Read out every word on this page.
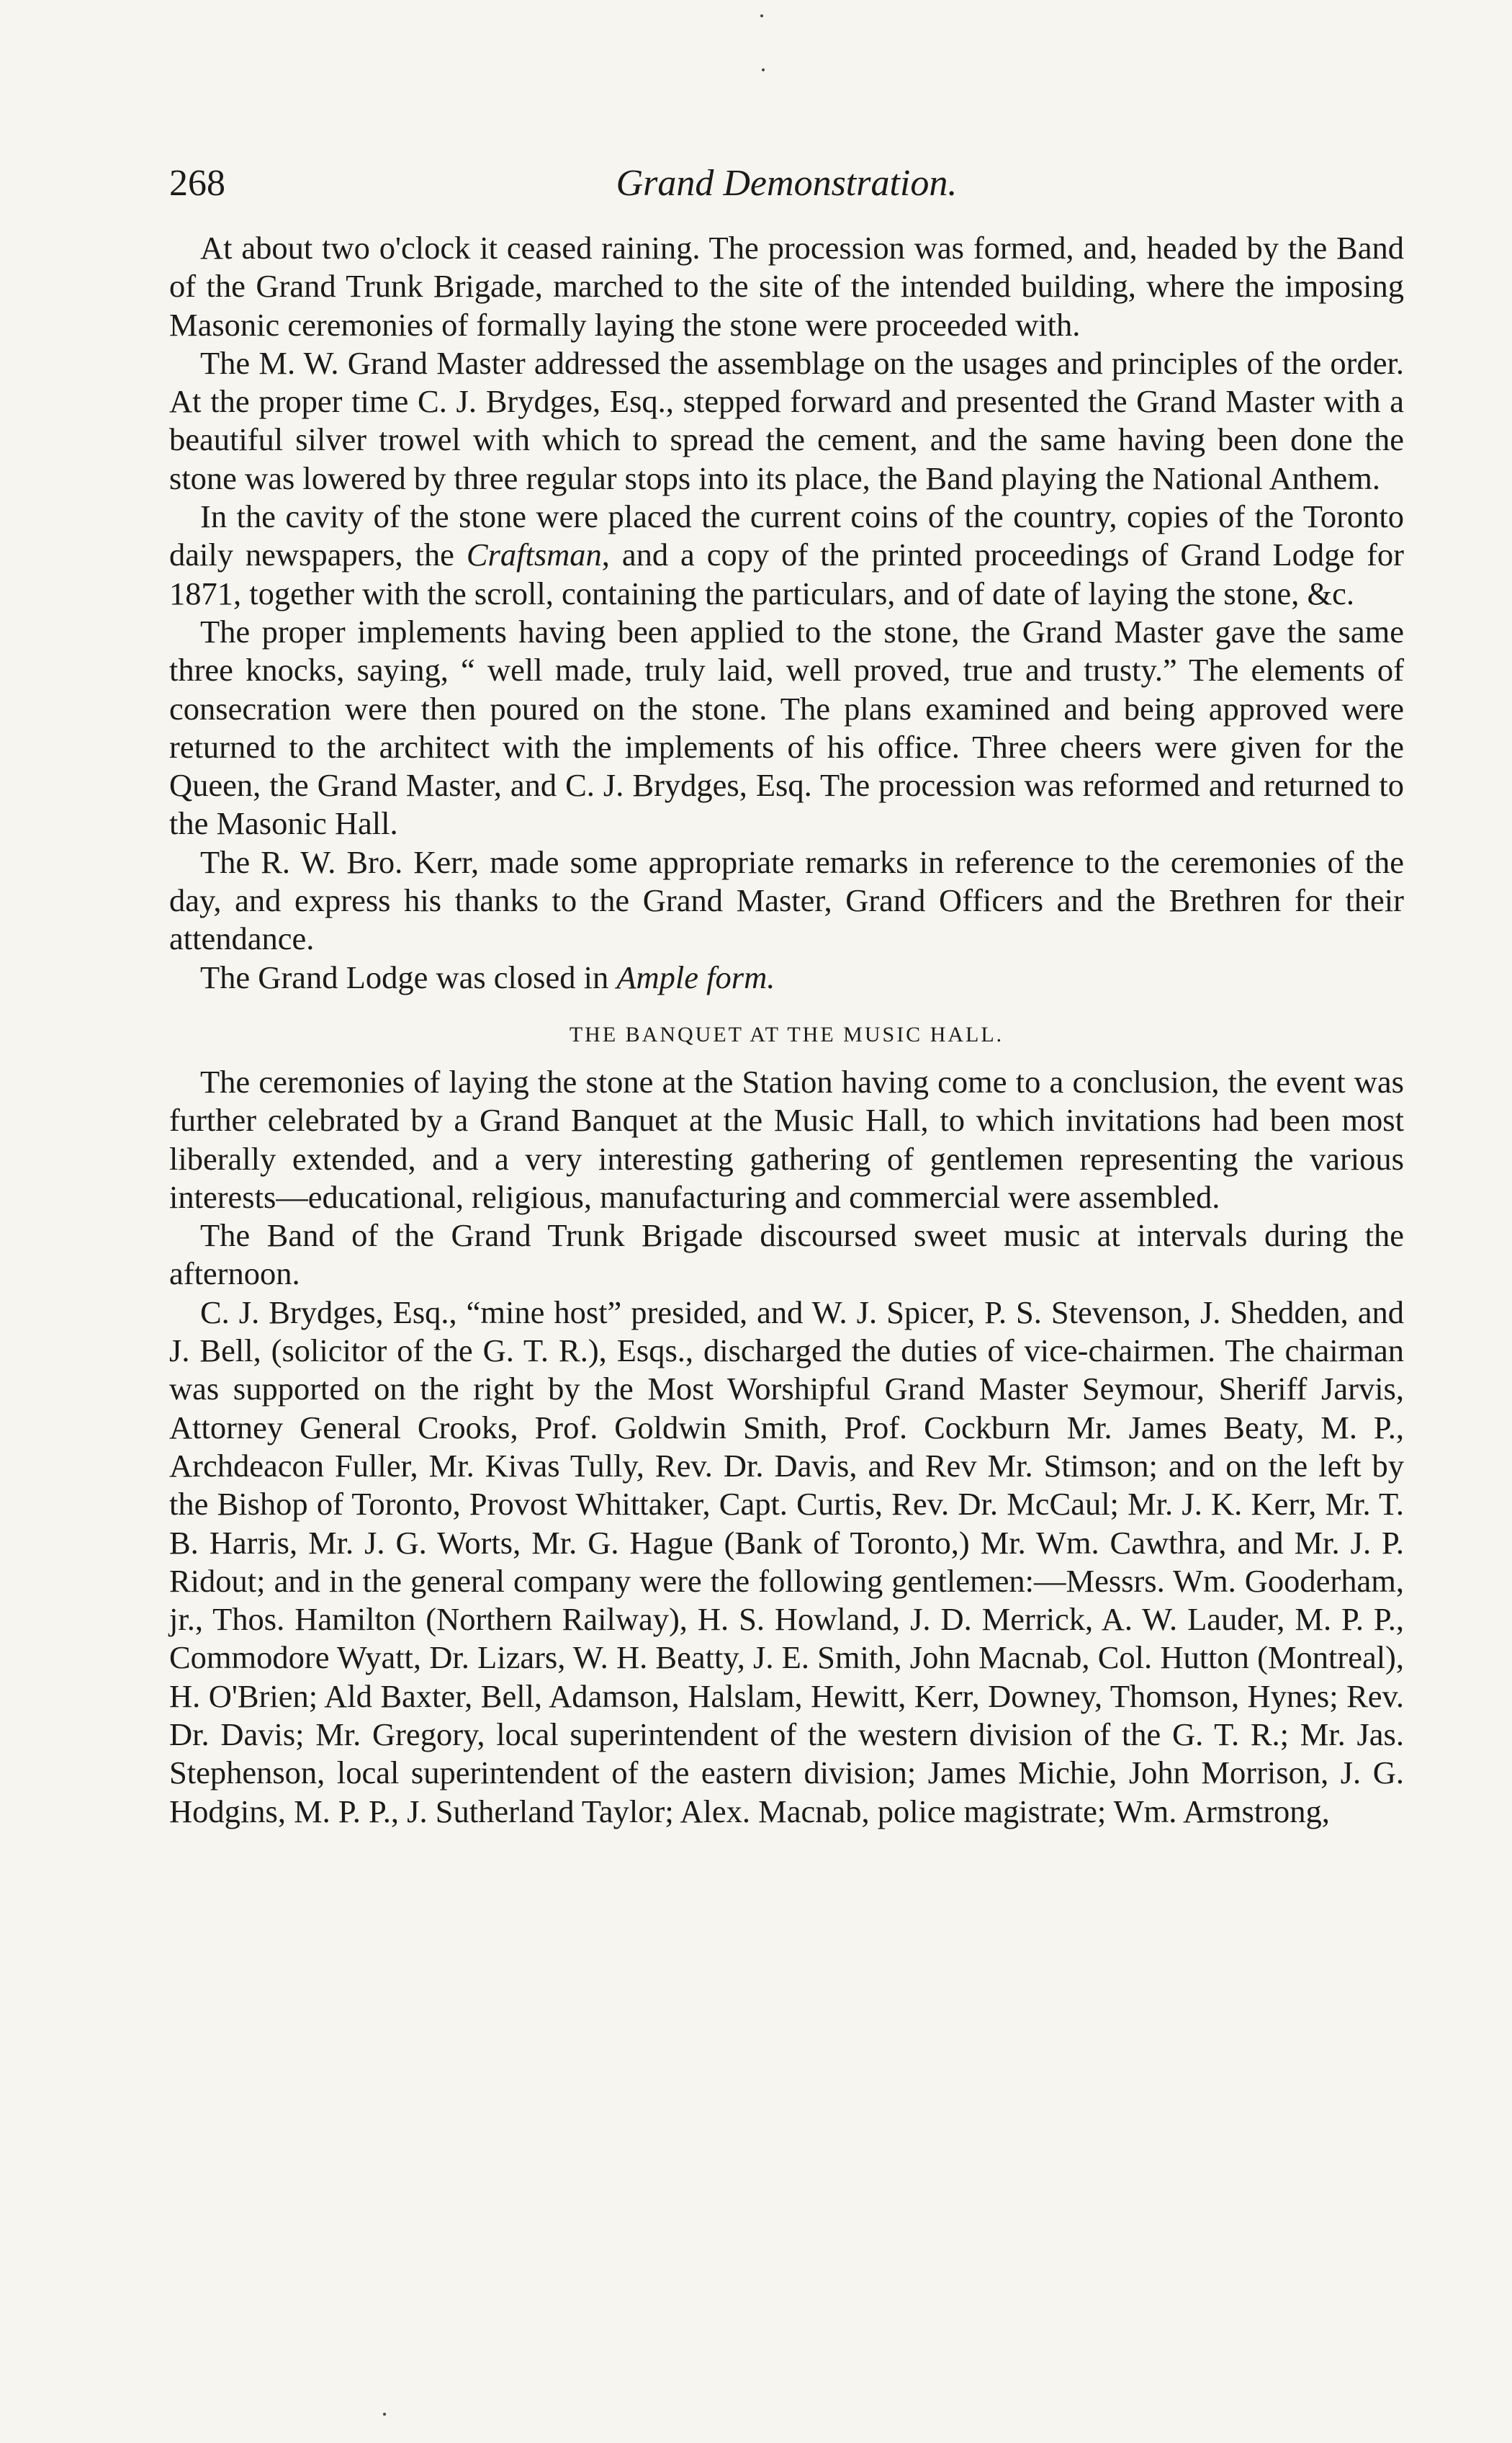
268	Grand Demonstration.

At about two o'clock it ceased raining. The procession was formed, and, headed by the Band of the Grand Trunk Brigade, marched to the site of the intended building, where the imposing Masonic ceremonies of formally laying the stone were proceeded with.

The M. W. Grand Master addressed the assemblage on the usages and principles of the order. At the proper time C. J. Brydges, Esq., stepped forward and presented the Grand Master with a beautiful silver trowel with which to spread the cement, and the same having been done the stone was lowered by three regular stops into its place, the Band playing the National Anthem.

In the cavity of the stone were placed the current coins of the country, copies of the Toronto daily newspapers, the Craftsman, and a copy of the printed proceedings of Grand Lodge for 1871, together with the scroll, containing the particulars, and of date of laying the stone, &c.

The proper implements having been applied to the stone, the Grand Master gave the same three knocks, saying, “ well made, truly laid, well proved, true and trusty.” The elements of consecration were then poured on the stone. The plans examined and being approved were returned to the architect with the implements of his office. Three cheers were given for the Queen, the Grand Master, and C. J. Brydges, Esq. The procession was reformed and returned to the Masonic Hall.

The R. W. Bro. Kerr, made some appropriate remarks in reference to the ceremonies of the day, and express his thanks to the Grand Master, Grand Officers and the Brethren for their attendance.

The Grand Lodge was closed in Ample form.

THE BANQUET AT THE MUSIC HALL.

The ceremonies of laying the stone at the Station having come to a conclusion, the event was further celebrated by a Grand Banquet at the Music Hall, to which invitations had been most liberally extended, and a very interesting gathering of gentlemen representing the various interests—educational, religious, manufacturing and commercial were assembled.

The Band of the Grand Trunk Brigade discoursed sweet music at intervals during the afternoon.

C. J. Brydges, Esq., “mine host” presided, and W. J. Spicer, P. S. Stevenson, J. Shedden, and J. Bell, (solicitor of the G. T. R.), Esqs., discharged the duties of vice-chairmen. The chairman was supported on the right by the Most Worshipful Grand Master Seymour, Sheriff Jarvis, Attorney General Crooks, Prof. Goldwin Smith, Prof. Cockburn Mr. James Beaty, M. P., Archdeacon Fuller, Mr. Kivas Tully, Rev. Dr. Davis, and Rev Mr. Stimson; and on the left by the Bishop of Toronto, Provost Whittaker, Capt. Curtis, Rev. Dr. McCaul; Mr. J. K. Kerr, Mr. T. B. Harris, Mr. J. G. Worts, Mr. G. Hague (Bank of Toronto,) Mr. Wm. Cawthra, and Mr. J. P. Ridout; and in the general company were the following gentlemen:—Messrs. Wm. Gooderham, jr., Thos. Hamilton (Northern Railway), H. S. Howland, J. D. Merrick, A. W. Lauder, M. P. P., Commodore Wyatt, Dr. Lizars, W. H. Beatty, J. E. Smith, John Macnab, Col. Hutton (Montreal), H. O'Brien; Ald Baxter, Bell, Adamson, Halslam, Hewitt, Kerr, Downey, Thomson, Hynes; Rev. Dr. Davis; Mr. Gregory, local superintendent of the western division of the G. T. R.; Mr. Jas. Stephenson, local superintendent of the eastern division; James Michie, John Morrison, J. G. Hodgins, M. P. P., J. Sutherland Taylor; Alex. Macnab, police magistrate; Wm. Armstrong,
